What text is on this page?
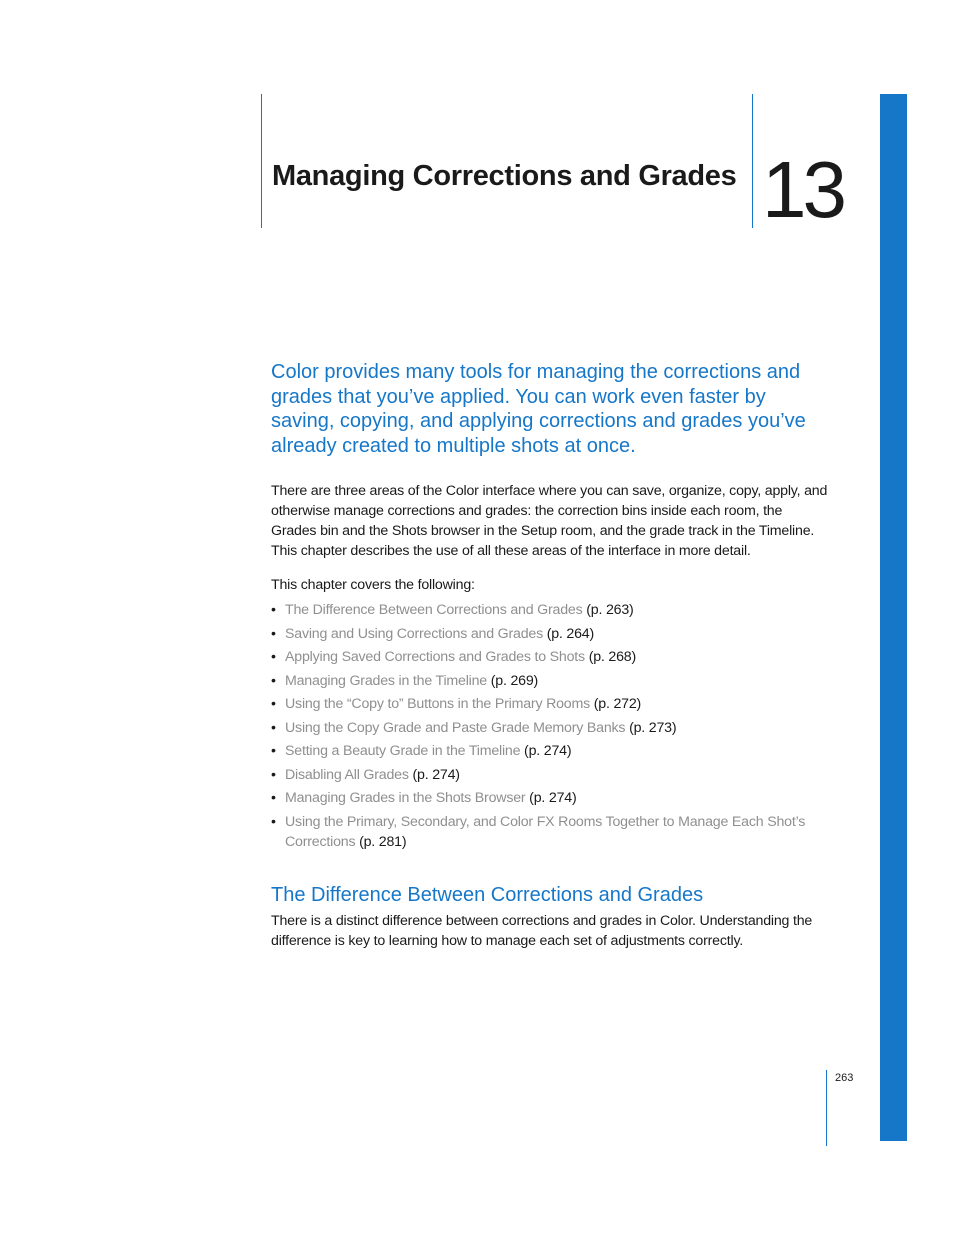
Managing Corrections and Grades 13

Color provides many tools for managing the corrections and grades that you’ve applied. You can work even faster by saving, copying, and applying corrections and grades you’ve already created to multiple shots at once.

There are three areas of the Color interface where you can save, organize, copy, apply, and otherwise manage corrections and grades: the correction bins inside each room, the Grades bin and the Shots browser in the Setup room, and the grade track in the Timeline. This chapter describes the use of all these areas of the interface in more detail.

This chapter covers the following:

• The Difference Between Corrections and Grades (p. 263)
• Saving and Using Corrections and Grades (p. 264)
• Applying Saved Corrections and Grades to Shots (p. 268)
• Managing Grades in the Timeline (p. 269)
• Using the “Copy to” Buttons in the Primary Rooms (p. 272)
• Using the Copy Grade and Paste Grade Memory Banks (p. 273)
• Setting a Beauty Grade in the Timeline (p. 274)
• Disabling All Grades (p. 274)
• Managing Grades in the Shots Browser (p. 274)
• Using the Primary, Secondary, and Color FX Rooms Together to Manage Each Shot’s Corrections (p. 281)
The Difference Between Corrections and Grades

There is a distinct difference between corrections and grades in Color. Understanding the difference is key to learning how to manage each set of adjustments correctly.

263
